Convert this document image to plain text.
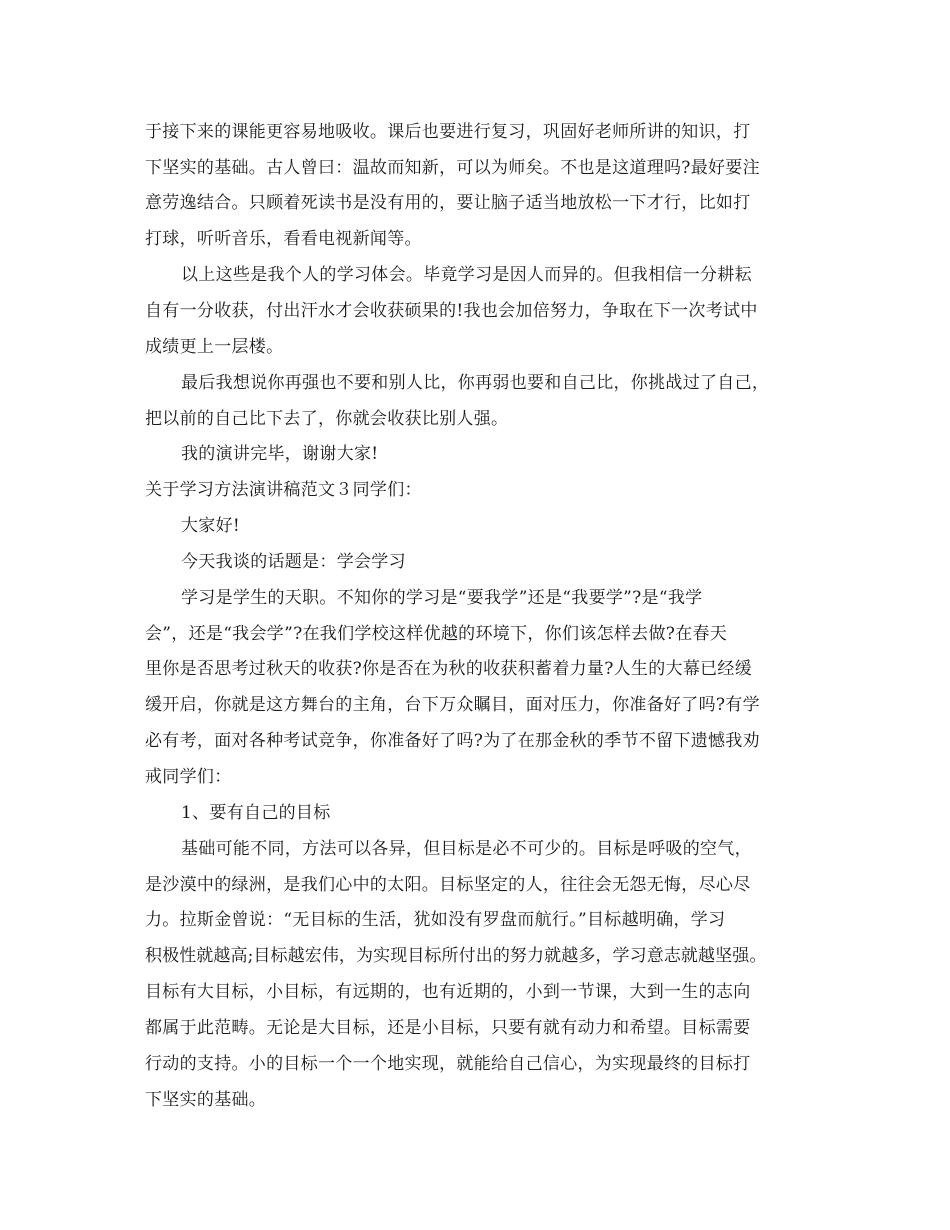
于接下来的课能更容易地吸收。课后也要进行复习，巩固好老师所讲的知识，打

下坚实的基础。古人曾曰：温故而知新，可以为师矣。不也是这道理吗?最好要注

意劳逸结合。只顾着死读书是没有用的，要让脑子适当地放松一下才行，比如打

打球，听听音乐，看看电视新闻等。

以上这些是我个人的学习体会。毕竟学习是因人而异的。但我相信一分耕耘

自有一分收获，付出汗水才会收获硕果的!我也会加倍努力，争取在下一次考试中

成绩更上一层楼。

最后我想说你再强也不要和别人比，你再弱也要和自己比，你挑战过了自己，

把以前的自己比下去了，你就会收获比别人强。

我的演讲完毕，谢谢大家!

关于学习方法演讲稿范文３同学们：

大家好!

今天我谈的话题是：学会学习

学习是学生的天职。不知你的学习是“要我学”还是“我要学”?是“我学

会”，还是“我会学”?在我们学校这样优越的环境下，你们该怎样去做?在春天

里你是否思考过秋天的收获?你是否在为秋的收获积蓄着力量?人生的大幕已经缓

缓开启，你就是这方舞台的主角，台下万众瞩目，面对压力，你准备好了吗?有学

必有考，面对各种考试竞争，你准备好了吗?为了在那金秋的季节不留下遗憾我劝

戒同学们：

1、要有自己的目标

基础可能不同，方法可以各异，但目标是必不可少的。目标是呼吸的空气，

是沙漠中的绿洲，是我们心中的太阳。目标坚定的人，往往会无怨无悔，尽心尽

力。拉斯金曾说：“无目标的生活，犹如没有罗盘而航行。”目标越明确，学习

积极性就越高;目标越宏伟，为实现目标所付出的努力就越多，学习意志就越坚强。

目标有大目标，小目标，有远期的，也有近期的，小到一节课，大到一生的志向

都属于此范畴。无论是大目标，还是小目标，只要有就有动力和希望。目标需要

行动的支持。小的目标一个一个地实现，就能给自己信心，为实现最终的目标打

下坚实的基础。
